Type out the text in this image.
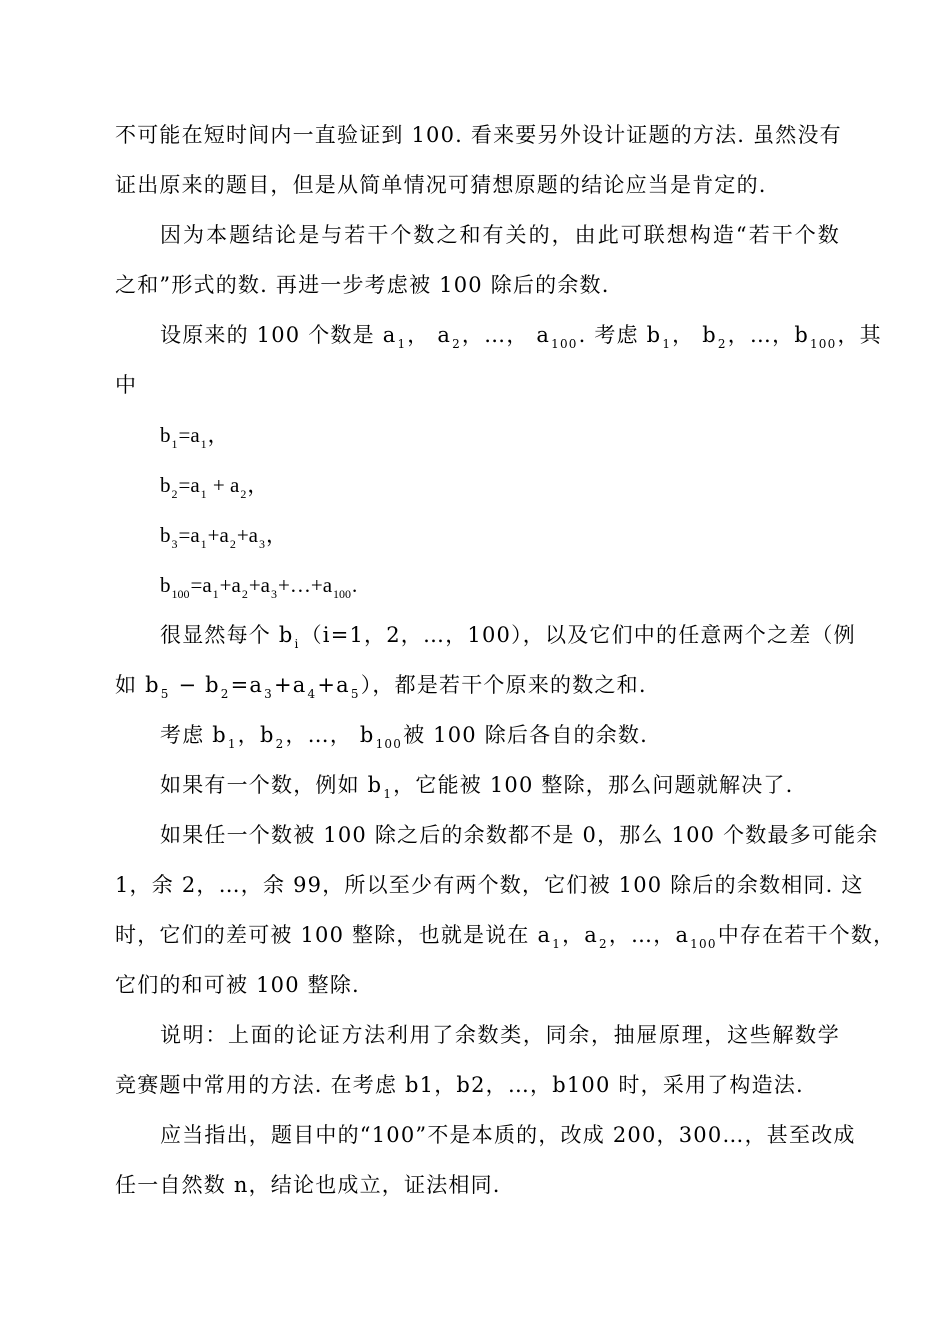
不可能在短时间内一直验证到 100. 看来要另外设计证题的方法. 虽然没有
证出原来的题目，但是从简单情况可猜想原题的结论应当是肯定的.
因为本题结论是与若干个数之和有关的，由此可联想构造“若干个数
之和”形式的数. 再进一步考虑被 100 除后的余数.
设原来的 100 个数是 $a_1$， $a_2$，…， $a_{100}$. 考虑 $b_1$， $b_2$，…，$b_{100}$，其
中
$b_1=a_1$，
$b_2=a_1 + a_2$，
$b_3=a_1+a_2+a_3$，
$b_{100}=a_1+a_2+a_3+\dots+a_{100}$.
很显然每个 $b_i(i=1$，2，…，100），以及它们中的任意两个之差（例
如 $b_5 - b_2=a_3+a_4+a_5$），都是若干个原来的数之和.
考虑 $b_1$，$b_2$，…， $b_{100}$被 100 除后各自的余数.
如果有一个数，例如 $b_1$，它能被 100 整除，那么问题就解决了.
如果任一个数被 100 除之后的余数都不是 0，那么 100 个数最多可能余
1，余 2，…，余 99，所以至少有两个数，它们被 100 除后的余数相同. 这
时，它们的差可被 100 整除，也就是说在 $a_1$，$a_2$，…，$a_{100}$中存在若干个数，
它们的和可被 100 整除.
说明：上面的论证方法利用了余数类，同余，抽屉原理，这些解数学
竞赛题中常用的方法. 在考虑 b1，b2，…，b100 时，采用了构造法.
应当指出，题目中的“100”不是本质的，改成 200，300…，甚至改成
任一自然数 n，结论也成立，证法相同.
